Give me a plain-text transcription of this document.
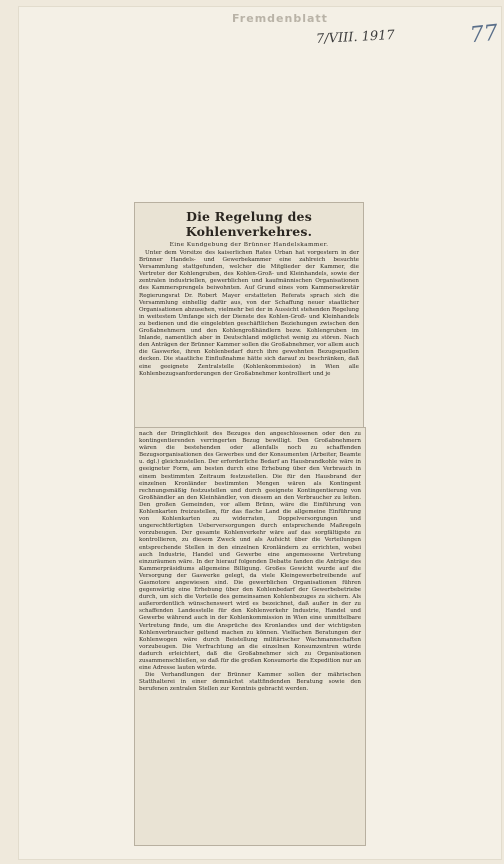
Fremdenblatt
7/VIII. 1917	77
Die Regelung des Kohlenverkehres.
Eine Kundgebung der Brünner Handelskammer.

Unter dem Vorsitze des kaiserlichen Rates Urban hat vorgestern in der Brünner Handels- und Gewerbekammer eine zahlreich besuchte Versammlung stattgefunden, welcher die Mitglieder der Kammer, die Vertreter der Kohlengruben, des Kohlen-Groß- und Kleinhandels, sowie der zentralen industriellen, gewerblichen und kaufmännischen Organisationen des Kammersprengels beiwohnten. Auf Grund eines vom Kammersekretär Regierungsrat Dr. Robert Mayer erstatteten Referats sprach sich die Versammlung einhellig dafür aus, von der Schaffung neuer staatlicher Organisationen abzusehen, vielmehr bei der in Aussicht stehenden Regelung in weitestem Umfange sich der Dienste des Kohlen-Groß- und Kleinhandels zu bedienen und die eingelebten geschäftlichen Beziehungen zwischen den Großabnehmern und den Kohlengroßhändlern bezw. Kohlengruben im Inlande, namentlich aber in Deutschland möglichst wenig zu stören. Nach den Anträgen der Brünner Kammer sollen die Großabnehmer, vor allem auch die Gaswerke, ihren Kohlenbedarf durch ihre gewohnten Bezugsquellen decken. Die staatliche Einflußnahme hätte sich darauf zu beschränken, daß eine geeignete Zentralstelle (Kohlenkommission) in Wien alle Kohlenbezugsanforderungen der Großabnehmer kontrolliert und je

nach der Dringlichkeit des Bezuges den angeschlossenen oder den zu kontingentierenden verringerten Bezug bewilligt. Den Großabnehmern wären die bestehenden oder allenfalls noch zu schaffenden Bezugsorganisationen des Gewerbes und der Konsumenten (Arbeiter, Beamte u. dgl.) gleichzustellen. Der erforderliche Bedarf an Hausbrandkohle wäre in geeigneter Form, am besten durch eine Erhebung über den Verbrauch in einem bestimmten Zeitraum festzustellen. Die für den Hausbrand der einzelnen Kronländer bestimmten Mengen wären als Kontingent rechnungsmäßig festzustellen und durch geeignete Kontingentierung von Großhändler an den Kleinhändler, von diesem an den Verbraucher zu leiten. Den großen Gemeinden, vor allem Brünn, wäre die Einführung von Kohlenkarten freizustellen, für das flache Land die allgemeine Einführung von Kohlenkarten zu widerraten, Doppelversorgungen und ungerechtfertigten Ueberversorgungen durch entsprechende Maßregeln vorzubeugen. Der gesamte Kohlenverkehr wäre auf das sorgfältigste zu kontrollieren, zu diesem Zweck und als Aufsicht über die Verteilungen entsprechende Stellen in den einzelnen Kronländern zu errichten, wobei auch Industrie, Handel und Gewerbe eine angemessene Vertretung einzuräumen wäre. In der hierauf folgenden Debatte fanden die Anträge des Kammerpräsidiums allgemeine Billigung. Großes Gewicht wurde auf die Versorgung der Gaswerke gelegt, da viele Kleingewerbetreibende auf Gasmotore angewiesen sind. Die gewerblichen Organisationen führen gegenwärtig eine Erhebung über den Kohlenbedarf der Gewerbebetriebe durch, um sich die Vorteile des gemeinsamen Kohlenbezuges zu sichern. Als außerordentlich wünschenswert wird es bezeichnet, daß außer in der zu schaffenden Landesstelle für den Kohlenverkehr Industrie, Handel und Gewerbe während auch in der Kohlenkommission in Wien eine unmittelbare Vertretung finde, um die Ansprüche des Kronlandes und der wichtigsten Kohlenverbraucher geltend machen zu können. Vielfachen Beratungen der Kohlenwogen wäre durch Beistellung militärischer Wachmannschaften vorzubeugen. Die Verfrachtung an die einzelnen Konsumzentren würde dadurch erleichtert, daß die Großabnehmer sich zu Organisationen zusammenschließen, so daß für die großen Konsumorte die Expedition nur an eine Adresse lauten würde.

Die Verhandlungen der Brünner Kammer sollen der mährischen Statthalterei in einer demnächst stattfindenden Beratung sowie den berufenen zentralen Stellen zur Kenntnis gebracht werden.
